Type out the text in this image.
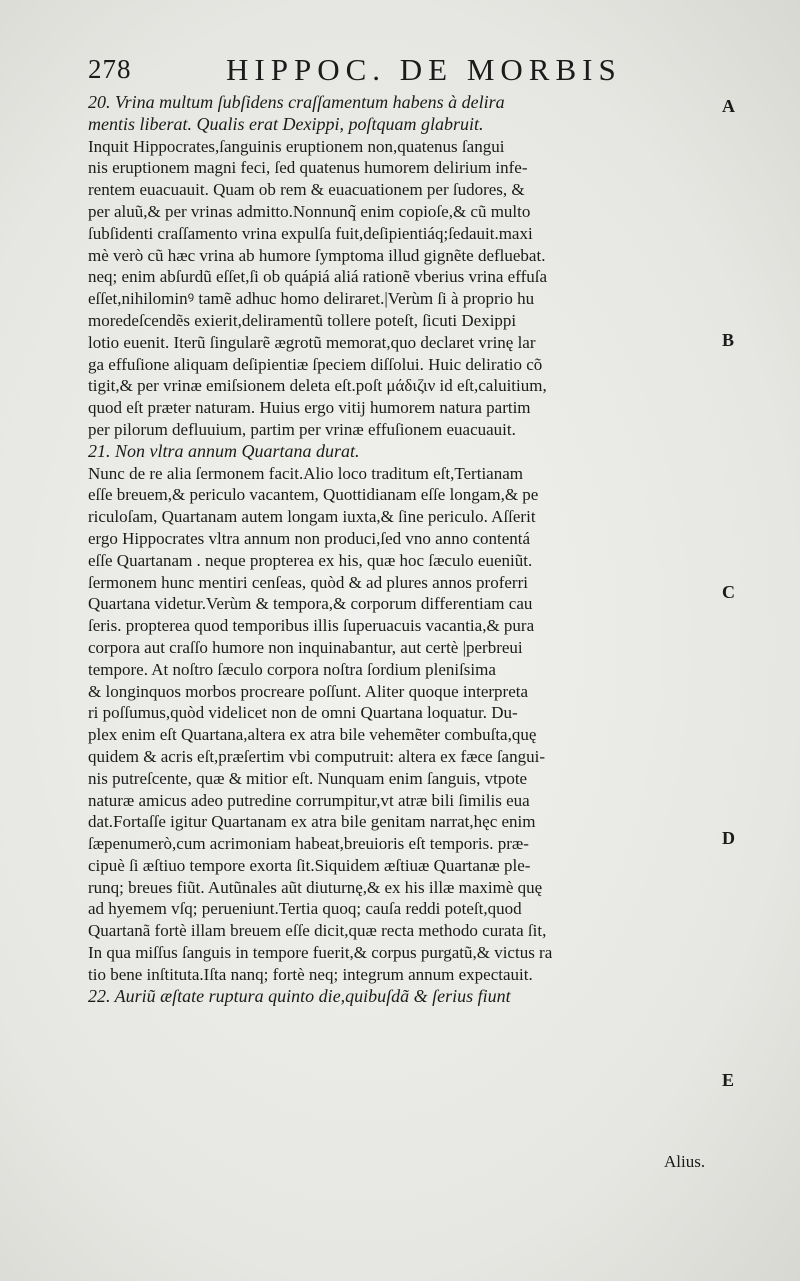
278	HIPPOC. DE MORBIS
20. Vrina multum ſubſidens craſſamentum habens à delira
mentis liberat. Qualis erat Dexippi, poſtquam glabruit.
Inquit Hippocrates,ſanguinis eruptionem non,quatenus ſangui
nis eruptionem magni feci, ſed quatenus humorem delirium infe-
rentem euacuauit. Quam ob rem & euacuationem per ſudores, &
per aluũ,& per vrinas admitto.Nonnunq̃ enim copioſe,& cũ multo
ſubſidenti craſſamento vrina expulſa fuit,deſipientiáq;ſedauit.maxi
mè verò cũ hæc vrina ab humore ſymptoma illud gignẽte defluebat.
neq; enim abſurdũ eſſet,ſi ob quápiá aliá rationẽ vberius vrina effuſa
eſſet,nihilominꝰ tamẽ adhuc homo deliraret.|Verùm ſi à proprio hu
moredeſcendẽs exierit,deliramentũ tollere poteſt, ſicuti Dexippi
lotio euenit. Iterũ ſingularẽ ægrotũ memorat,quo declaret vrinę lar
ga effuſione aliquam deſipientiæ ſpeciem diſſolui. Huic deliratio cõ
tigit,& per vrinæ emiſsionem deleta eſt.poſt μάδιζιν id eſt,caluitium,
quod eſt præter naturam. Huius ergo vitij humorem natura partim
per pilorum defluuium, partim per vrinæ effuſionem euacuauit.
21. Non vltra annum Quartana durat.
Nunc de re alia ſermonem facit.Alio loco traditum eſt,Tertianam
eſſe breuem,& periculo vacantem, Quottidianam eſſe longam,& pe
riculoſam, Quartanam autem longam iuxta,& ſine periculo. Aſſerit
ergo Hippocrates vltra annum non produci,ſed vno anno contentá
eſſe Quartanam . neque propterea ex his, quæ hoc ſæculo eueniũt.
ſermonem hunc mentiri cenſeas, quòd & ad plures annos proferri
Quartana videtur.Verùm & tempora,& corporum differentiam cau
ſeris. propterea quod temporibus illis ſuperuacuis vacantia,& pura
corpora aut craſſo humore non inquinabantur, aut certè |perbreui
tempore. At noſtro ſæculo corpora noſtra ſordium pleniſsima
& longinquos morbos procreare poſſunt. Aliter quoque interpreta
ri poſſumus,quòd videlicet non de omni Quartana loquatur. Du-
plex enim eſt Quartana,altera ex atra bile vehemẽter combuſta,quę
quidem & acris eſt,præſertim vbi computruit: altera ex fæce ſangui-
nis putreſcente, quæ & mitior eſt. Nunquam enim ſanguis, vtpote
naturæ amicus adeo putredine corrumpitur,vt atræ bili ſimilis eua
dat.Fortaſſe igitur Quartanam ex atra bile genitam narrat,hęc enim
ſæpenumerò,cum acrimoniam habeat,breuioris eſt temporis. præ-
cipuè ſi æſtiuo tempore exorta ſit.Siquidem æſtiuæ Quartanæ ple-
runq; breues fiũt. Autũnales aũt diuturnę,& ex his illæ maximè quę
ad hyemem vſq; perueniunt.Tertia quoq; cauſa reddi poteſt,quod
Quartanã fortè illam breuem eſſe dicit,quæ recta methodo curata ſit,
In qua miſſus ſanguis in tempore fuerit,& corpus purgatũ,& victus ra
tio bene inſtituta.Iſta nanq; fortè neq; integrum annum expectauit.
22. Auriũ æſtate ruptura quinto die,quibuſdã & ſerius fiunt
Alius.
A
B
C
D
E
